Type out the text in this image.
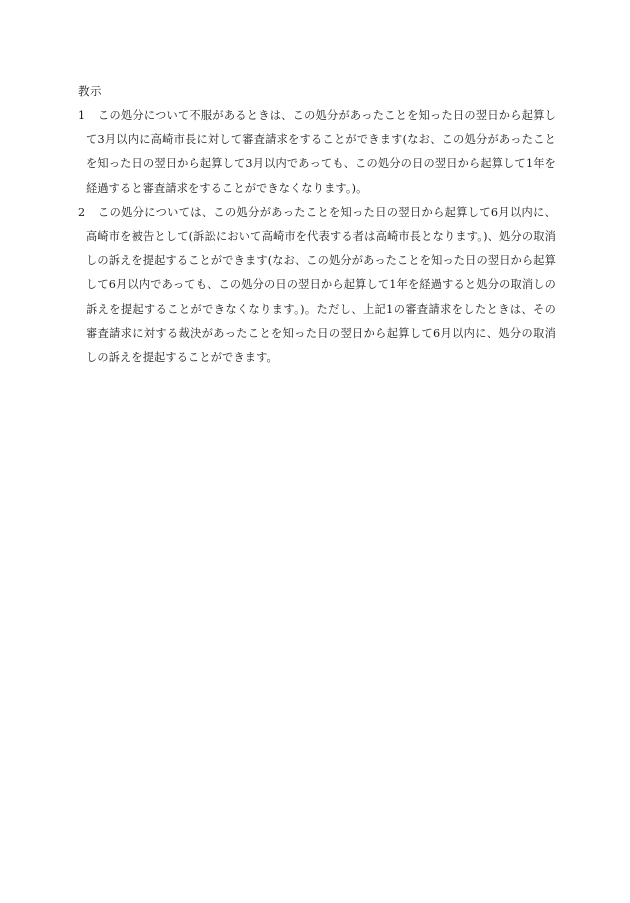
教示
1	この処分について不服があるときは、この処分があったことを知った日の翌日から起算して3月以内に高崎市長に対して審査請求をすることができます(なお、この処分があったことを知った日の翌日から起算して3月以内であっても、この処分の日の翌日から起算して1年を経過すると審査請求をすることができなくなります。)。
2	この処分については、この処分があったことを知った日の翌日から起算して6月以内に、高崎市を被告として(訴訟において高崎市を代表する者は高崎市長となります。)、処分の取消しの訴えを提起することができます(なお、この処分があったことを知った日の翌日から起算して6月以内であっても、この処分の日の翌日から起算して1年を経過すると処分の取消しの訴えを提起することができなくなります。)。ただし、上記1の審査請求をしたときは、その審査請求に対する裁決があったことを知った日の翌日から起算して6月以内に、処分の取消しの訴えを提起することができます。
